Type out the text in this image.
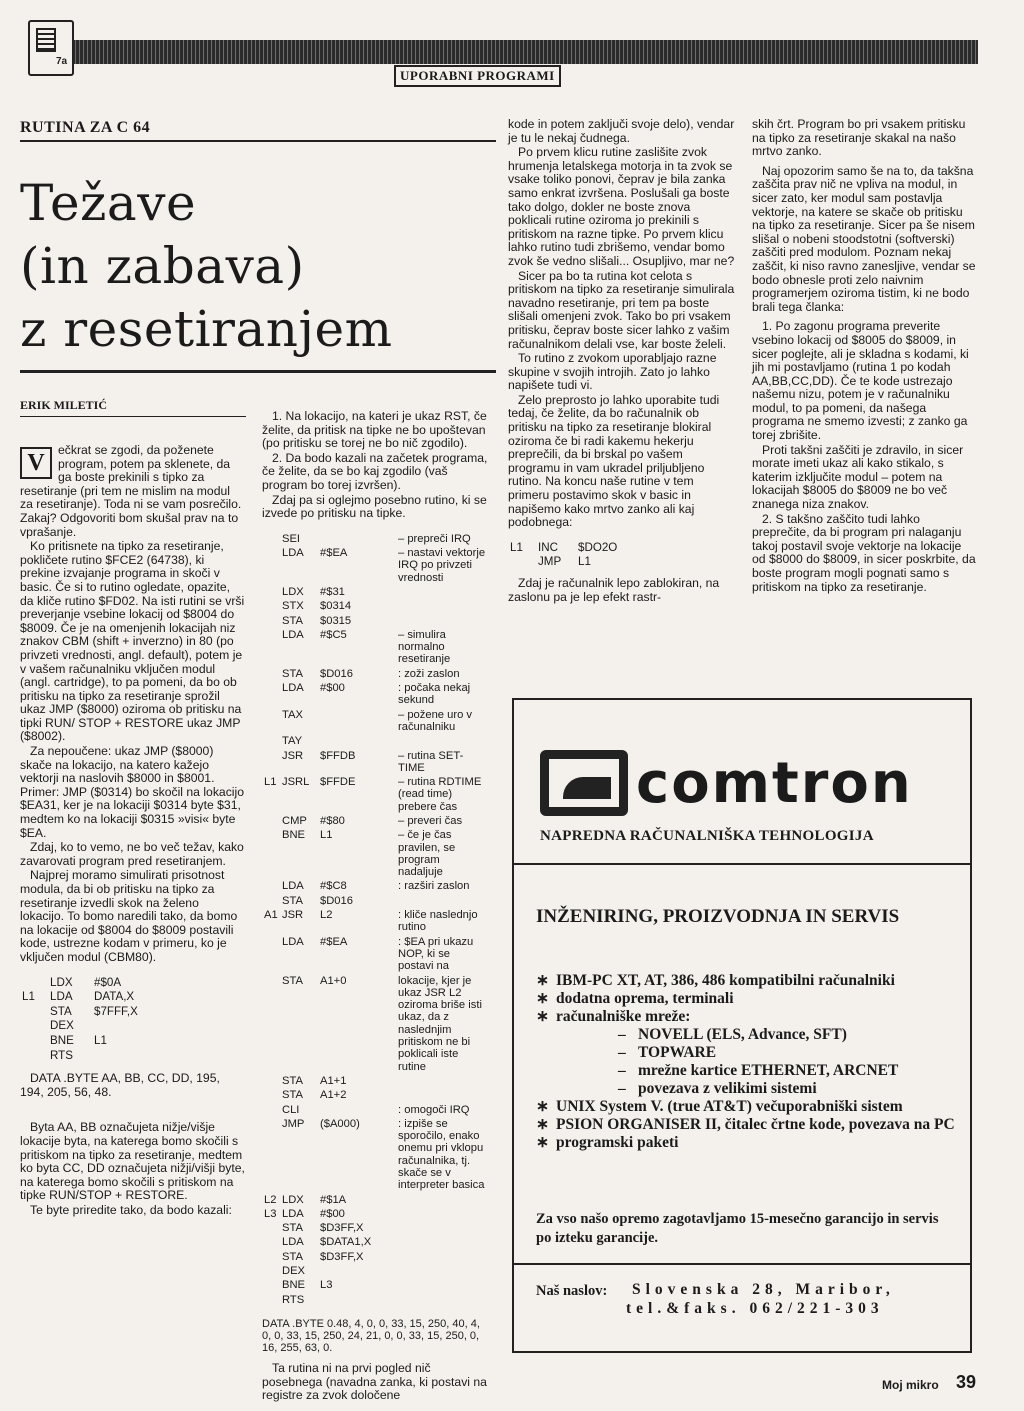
7a
UPORABNI PROGRAMI
RUTINA ZA C 64
Težave
(in zabava)
z resetiranjem
ERIK MILETIĆ
V	ečkrat se zgodi, da poženete program, potem pa sklenete, da ga boste prekinili s tipko za resetiranje (pri tem ne mislim na modul za resetiranje). Toda ni se vam posrečilo. Zakaj? Odgovoriti bom skušal prav na to vprašanje.

Ko pritisnete na tipko za resetiranje, pokličete rutino $FCE2 (64738), ki prekine izvajanje programa in skoči v basic. Če si to rutino ogledate, opazite, da kliče rutino $FD02. Na isti rutini se vrši preverjanje vsebine lokacij od $8004 do $8009. Če je na omenjenih lokacijah niz znakov CBM (shift + inverzno) in 80 (po privzeti vrednosti, angl. default), potem je v vašem računalniku vključen modul (angl. cartridge), to pa pomeni, da bo ob pritisku na tipko za resetiranje sprožil ukaz JMP ($8000) oziroma ob pritisku na tipki RUN/ STOP + RESTORE ukaz JMP ($8002).

Za nepoučene: ukaz JMP ($8000) skače na lokacijo, na katero kažejo vektorji na naslovih $8000 in $8001. Primer: JMP ($0314) bo skočil na lokacijo $EA31, ker je na lokaciji $0314 byte $31, medtem ko na lokaciji $0315 »visi« byte $EA.

Zdaj, ko to vemo, ne bo več težav, kako zavarovati program pred resetiranjem.

Najprej moramo simulirati prisotnost modula, da bi ob pritisku na tipko za resetiranje izvedli skok na želeno lokacijo. To bomo naredili tako, da bomo na lokacije od $8004 do $8009 postavili kode, ustrezne kodam v primeru, ko je vključen modul (CBM80).

	LDX	#$0A
L1	LDA	DATA,X
	STA	$7FFF,X
	DEX	
	BNE	L1
	RTS	

DATA .BYTE AA, BB, CC, DD, 195, 194, 205, 56, 48.

Byta AA, BB označujeta nižje/višje lokacije byta, na katerega bomo skočili s pritiskom na tipko za resetiranje, medtem ko byta CC, DD označujeta nižji/višji byte, na katerega bomo skočili s pritiskom na tipke RUN/STOP + RESTORE.

Te byte priredite tako, da bodo kazali:

1. Na lokacijo, na kateri je ukaz RST, če želite, da pritisk na tipke ne bo upoštevan (po pritisku se torej ne bo nič zgodilo).

2. Da bodo kazali na začetek programa, če želite, da se bo kaj zgodilo (vaš program bo torej izvršen).

Zdaj pa si oglejmo posebno rutino, ki se izvede po pritisku na tipke.

	SEI		– prepreči IRQ
	LDA	#$EA	– nastavi vektorje IRQ po privzeti vrednosti
	LDX	#$31	
	STX	$0314	
	STA	$0315	
	LDA	#$C5	– simulira normalno resetiranje
	STA	$D016	: zoži zaslon
	LDA	#$00	: počaka nekaj sekund
	TAX		– požene uro v računalniku
	TAY		
	JSR	$FFDB	– rutina SET-TIME
L1	JSRL	$FFDE	– rutina RDTIME (read time) prebere čas
	CMP	#$80	– preveri čas
	BNE	L1	– če je čas pravilen, se program nadaljuje
	LDA	#$C8	: razširi zaslon
	STA	$D016	
A1	JSR	L2	: kliče naslednjo rutino
	LDA	#$EA	: $EA pri ukazu NOP, ki se postavi na
	STA	A1+0	lokacije, kjer je ukaz JSR L2 oziroma briše isti ukaz, da z naslednjim pritiskom ne bi poklicali iste rutine
	STA	A1+1	
	STA	A1+2	
	CLI		: omogoči IRQ
	JMP	($A000)	: izpiše se sporočilo, enako onemu pri vklopu računalnika, tj. skače se v interpreter basica
L2	LDX	#$1A	
L3	LDA	#$00	
	STA	$D3FF,X	
	LDA	$DATA1,X	
	STA	$D3FF,X	
	DEX		
	BNE	L3	
	RTS		

DATA .BYTE 0.48, 4, 0, 0, 33, 15, 250, 40, 4, 0, 0, 33, 15, 250, 24, 21, 0, 0, 33, 15, 250, 0, 16, 255, 63, 0.

Ta rutina ni na prvi pogled nič posebnega (navadna zanka, ki postavi na registre za zvok določene

kode in potem zaključi svoje delo), vendar je tu le nekaj čudnega.

Po prvem klicu rutine zaslišite zvok hrumenja letalskega motorja in ta zvok se vsake toliko ponovi, čeprav je bila zanka samo enkrat izvršena. Poslušali ga boste tako dolgo, dokler ne boste znova poklicali rutine oziroma jo prekinili s pritiskom na razne tipke. Po prvem klicu lahko rutino tudi zbrišemo, vendar bomo zvok še vedno slišali... Osupljivo, mar ne?

Sicer pa bo ta rutina kot celota s pritiskom na tipko za resetiranje simulirala navadno resetiranje, pri tem pa boste slišali omenjeni zvok. Tako bo pri vsakem pritisku, čeprav boste sicer lahko z vašim računalnikom delali vse, kar boste želeli.

To rutino z zvokom uporabljajo razne skupine v svojih introjih. Zato jo lahko napišete tudi vi.

Zelo preprosto jo lahko uporabite tudi tedaj, če želite, da bo računalnik ob pritisku na tipko za resetiranje blokiral oziroma če bi radi kakemu hekerju preprečili, da bi brskal po vašem programu in vam ukradel priljubljeno rutino. Na koncu naše rutine v tem primeru postavimo skok v basic in napišemo kako mrtvo zanko ali kaj podobnega:

L1	INC	$DO2O
	JMP	L1

Zdaj je računalnik lepo zablokiran, na zaslonu pa je lep efekt rastr-

skih črt. Program bo pri vsakem pritisku na tipko za resetiranje skakal na našo mrtvo zanko.

Naj opozorim samo še na to, da takšna zaščita prav nič ne vpliva na modul, in sicer zato, ker modul sam postavlja vektorje, na katere se skače ob pritisku na tipko za resetiranje. Sicer pa še nisem slišal o nobeni stoodstotni (softverski) zaščiti pred modulom. Poznam nekaj zaščit, ki niso ravno zanesljive, vendar se bodo obnesle proti zelo naivnim programerjem oziroma tistim, ki ne bodo brali tega članka:

1. Po zagonu programa preverite vsebino lokacij od $8005 do $8009, in sicer poglejte, ali je skladna s kodami, ki jih mi postavljamo (rutina 1 po kodah AA,BB,CC,DD). Če te kode ustrezajo našemu nizu, potem je v računalniku modul, to pa pomeni, da našega programa ne smemo izvesti; z zanko ga torej zbrišite.

Proti takšni zaščiti je zdravilo, in sicer morate imeti ukaz ali kako stikalo, s katerim izključite modul – potem na lokacijah $8005 do $8009 ne bo več znanega niza znakov.

2. S takšno zaščito tudi lahko preprečite, da bi program pri nalaganju takoj postavil svoje vektorje na lokacije od $8000 do $8009, in sicer poskrbite, da boste program mogli pognati samo s pritiskom na tipko za resetiranje.

comtron
NAPREDNA RAČUNALNIŠKA TEHNOLOGIJA
INŽENIRING, PROIZVODNJA IN SERVIS
∗ IBM-PC XT, AT, 386, 486 kompatibilni računalniki
∗ dodatna oprema, terminali
∗ računalniške mreže:
– NOVELL (ELS, Advance, SFT)
– TOPWARE
– mrežne kartice ETHERNET, ARCNET
– povezava z velikimi sistemi
∗ UNIX System V. (true AT&T) večuporabniški sistem
∗ PSION ORGANISER II, čitalec črtne kode, povezava na PC
∗ programski paketi
Za vso našo opremo zagotavljamo 15-mesečno garancijo in servis po izteku garancije.
Naš naslov: Slovenska 28, Maribor,
tel.&faks. 062/221-303
Moj mikro 39
